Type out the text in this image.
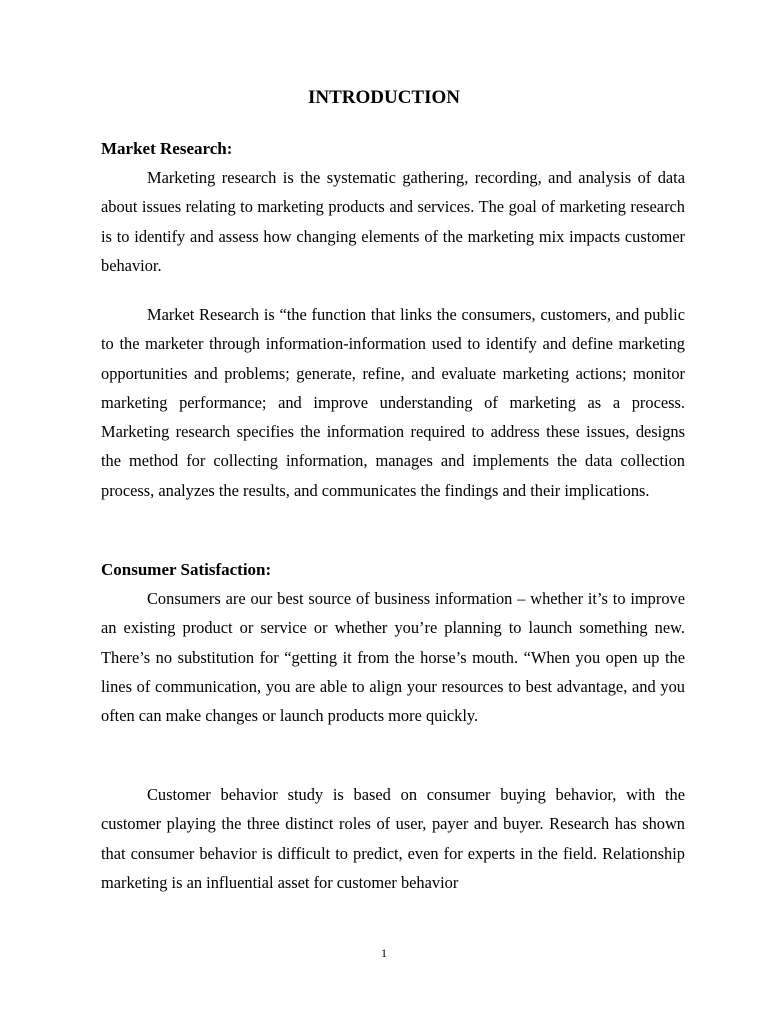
INTRODUCTION
Market Research:

Marketing research is the systematic gathering, recording, and analysis of data about issues relating to marketing products and services. The goal of marketing research is to identify and assess how changing elements of the marketing mix impacts customer behavior.

Market Research is “the function that links the consumers, customers, and public to the marketer through information-information used to identify and define marketing opportunities and problems; generate, refine, and evaluate marketing actions; monitor marketing performance; and improve understanding of marketing as a process. Marketing research specifies the information required to address these issues, designs the method for collecting information, manages and implements the data collection process, analyzes the results, and communicates the findings and their implications.

Consumer Satisfaction:

Consumers are our best source of business information – whether it’s to improve an existing product or service or whether you’re planning to launch something new. There’s no substitution for “getting it from the horse’s mouth. “When you open up the lines of communication, you are able to align your resources to best advantage, and you often can make changes or launch products more quickly.

Customer behavior study is based on consumer buying behavior, with the customer playing the three distinct roles of user, payer and buyer. Research has shown that consumer behavior is difficult to predict, even for experts in the field. Relationship marketing is an influential asset for customer behavior

1
